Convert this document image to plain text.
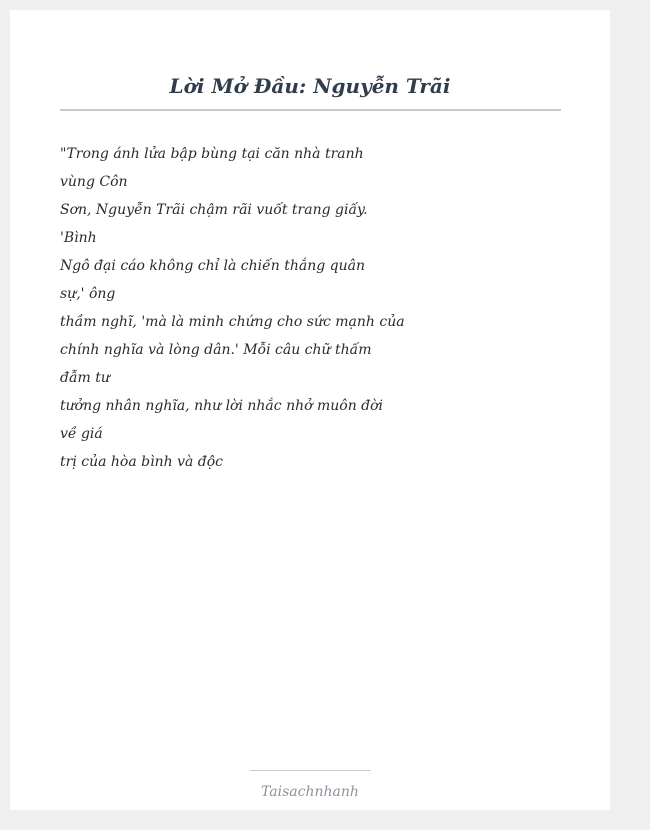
Lời Mở Đầu: Nguyễn Trãi
"Trong ánh lửa bập bùng tại căn nhà tranh
vùng Côn
Sơn, Nguyễn Trãi chậm rãi vuốt trang giấy.
'Bình
Ngô đại cáo không chỉ là chiến thắng quân
sự,' ông
thầm nghĩ, 'mà là minh chứng cho sức mạnh của
chính nghĩa và lòng dân.' Mỗi câu chữ thấm
đẫm tư
tưởng nhân nghĩa, như lời nhắc nhở muôn đời
về giá
trị của hòa bình và độc
Taisachnhanh
